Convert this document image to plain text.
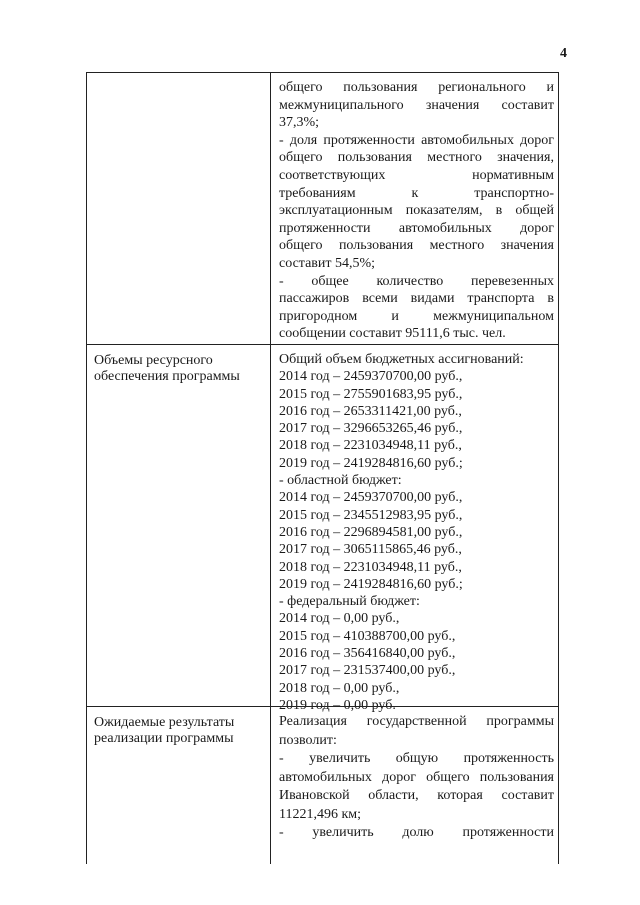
4
общего пользования регионального и
межмуниципального значения составит
37,3%;
- доля протяженности автомобильных дорог
общего пользования местного значения,
соответствующих нормативным
требованиям к транспортно-
эксплуатационным показателям, в общей
протяженности автомобильных дорог
общего пользования местного значения
составит 54,5%;
- общее количество перевезенных
пассажиров всеми видами транспорта в
пригородном и межмуниципальном
сообщении составит 95111,6 тыс. чел.
Объемы ресурсного
обеспечения программы
Общий объем бюджетных ассигнований:
2014 год – 2459370700,00 руб.,
2015 год – 2755901683,95 руб.,
2016 год – 2653311421,00 руб.,
2017 год – 3296653265,46 руб.,
2018 год – 2231034948,11 руб.,
2019 год – 2419284816,60 руб.;
- областной бюджет:
2014 год – 2459370700,00 руб.,
2015 год – 2345512983,95 руб.,
2016 год – 2296894581,00 руб.,
2017 год – 3065115865,46 руб.,
2018 год – 2231034948,11 руб.,
2019 год – 2419284816,60 руб.;
- федеральный бюджет:
2014 год – 0,00 руб.,
2015 год – 410388700,00 руб.,
2016 год – 356416840,00 руб.,
2017 год – 231537400,00 руб.,
2018 год – 0,00 руб.,
2019 год – 0,00 руб.
Ожидаемые результаты
реализации программы
Реализация государственной программы
позволит:
- увеличить общую протяженность
автомобильных дорог общего пользования
Ивановской области, которая составит
11221,496 км;
- увеличить долю протяженности
